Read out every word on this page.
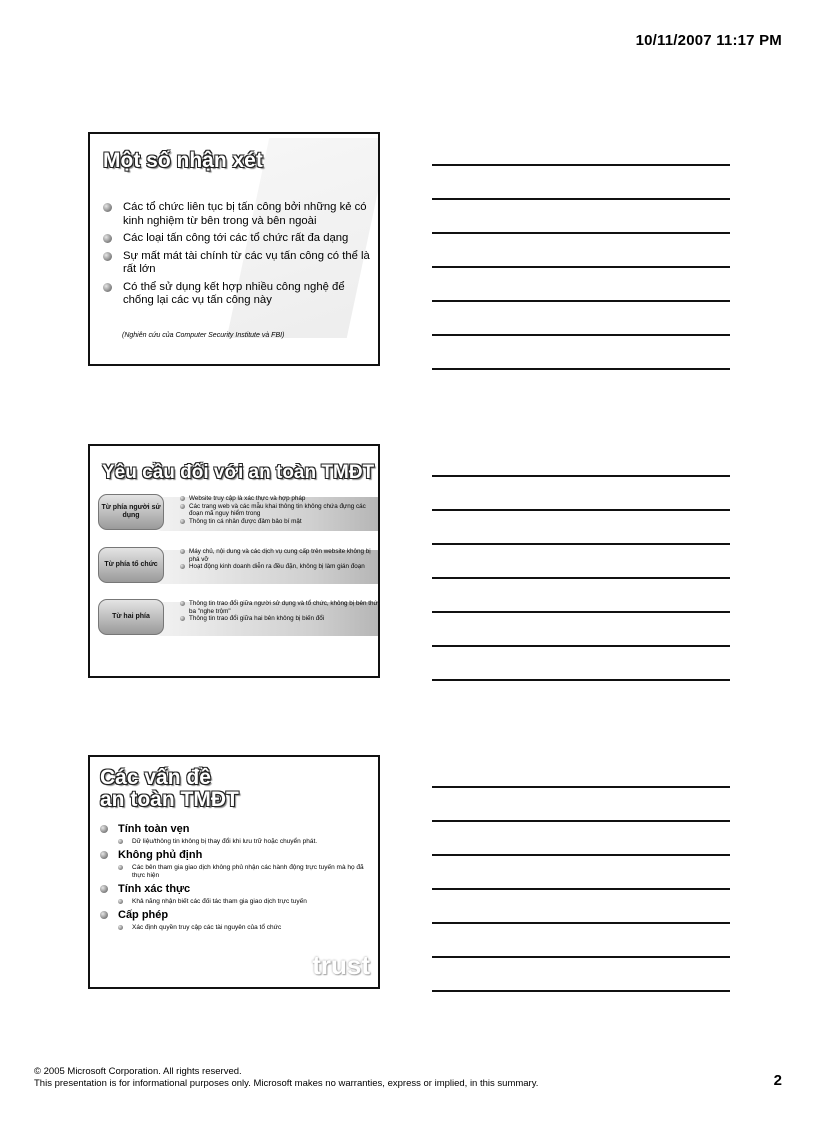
10/11/2007 11:17 PM
Một số nhận xét
Các tổ chức liên tục bị tấn công bởi những kẻ có kinh nghiệm từ bên trong và bên ngoài
Các loại tấn công tới các tổ chức rất đa dạng
Sự mất mát tài chính từ các vụ tấn công có thể là rất lớn
Có thể sử dụng kết hợp nhiều công nghệ để chống lại các vụ tấn công này
(Nghiên cứu của Computer Security Institute và FBI)
Yêu cầu đối với an toàn TMĐT
Từ phía người sử dụng
Website truy cập là xác thực và hợp pháp
Các trang web và các mẫu khai thông tin không chứa đựng các đoạn mã nguy hiểm trong
Thông tin cá nhân được đảm bảo bí mật
Từ phía tổ chức
Máy chủ, nội dung và các dịch vụ cung cấp trên website không bị phá vỡ
Hoạt động kinh doanh diễn ra đều đặn, không bị làm gián đoạn
Từ hai phía
Thông tin trao đổi giữa người sử dụng và tổ chức, không bị bên thứ ba "nghe trộm"
Thông tin trao đổi giữa hai bên không bị biến đổi
Các vấn đề
an toàn TMĐT
Tính toàn vẹn
Dữ liệu/thông tin không bị thay đổi khi lưu trữ hoặc chuyển phát.
Không phủ định
Các bên tham gia giao dịch không phủ nhận các hành động trực tuyến mà họ đã thực hiện
Tính xác thực
Khả năng nhận biết các đối tác tham gia giao dịch trực tuyến
Cấp phép
Xác định quyền truy cập các tài nguyên của tổ chức
trust
© 2005 Microsoft Corporation. All rights reserved.
This presentation is for informational purposes only. Microsoft makes no warranties, express or implied, in this summary.	2
